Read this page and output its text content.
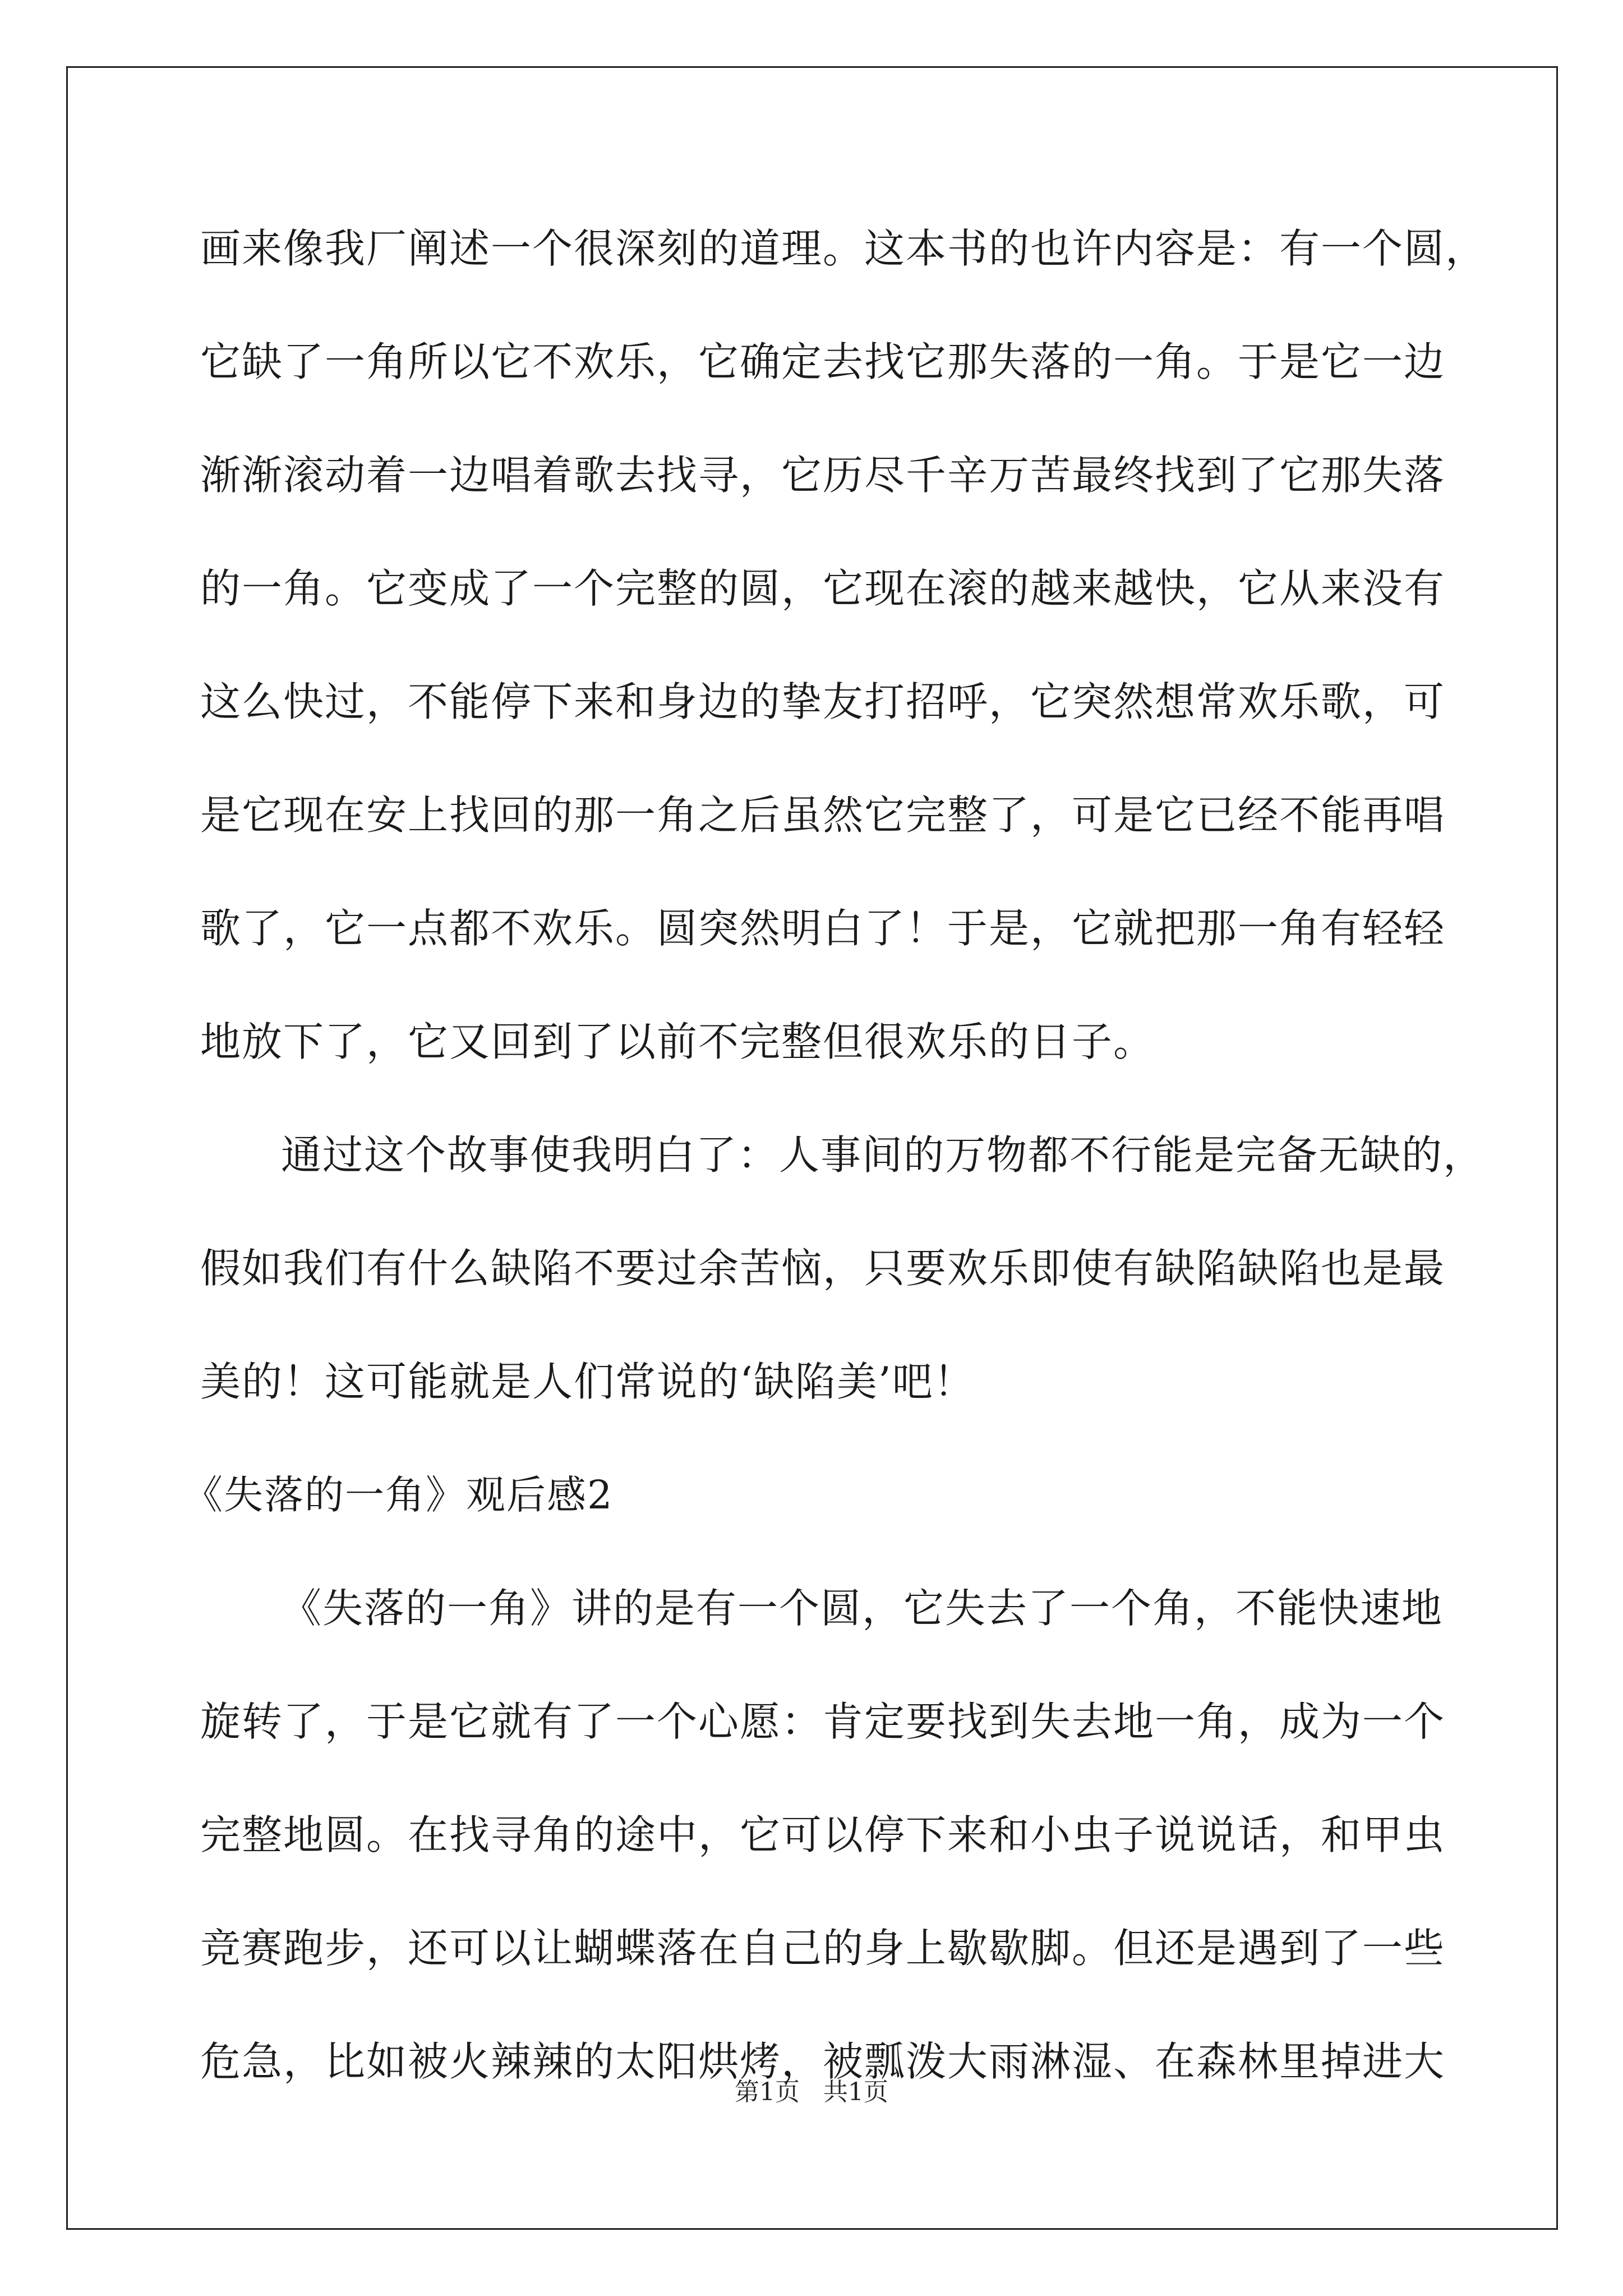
画来像我厂阐述一个很深刻的道理。这本书的也许内容是：有一个圆，
它缺了一角所以它不欢乐，它确定去找它那失落的一角。于是它一边
渐渐滚动着一边唱着歌去找寻，它历尽千辛万苦最终找到了它那失落
的一角。它变成了一个完整的圆，它现在滚的越来越快，它从来没有
这么快过，不能停下来和身边的挚友打招呼，它突然想常欢乐歌，可
是它现在安上找回的那一角之后虽然它完整了，可是它已经不能再唱
歌了，它一点都不欢乐。圆突然明白了！于是，它就把那一角有轻轻
地放下了，它又回到了以前不完整但很欢乐的日子。
通过这个故事使我明白了：人事间的万物都不行能是完备无缺的，
假如我们有什么缺陷不要过余苦恼，只要欢乐即使有缺陷缺陷也是最
美的！这可能就是人们常说的‘缺陷美’吧！
《失落的一角》观后感2
《失落的一角》讲的是有一个圆，它失去了一个角，不能快速地
旋转了，于是它就有了一个心愿：肯定要找到失去地一角，成为一个
完整地圆。在找寻角的途中，它可以停下来和小虫子说说话，和甲虫
竞赛跑步，还可以让蝴蝶落在自己的身上歇歇脚。但还是遇到了一些
危急，比如被火辣辣的太阳烘烤，被瓢泼大雨淋湿、在森林里掉进大
第1页 共1页
